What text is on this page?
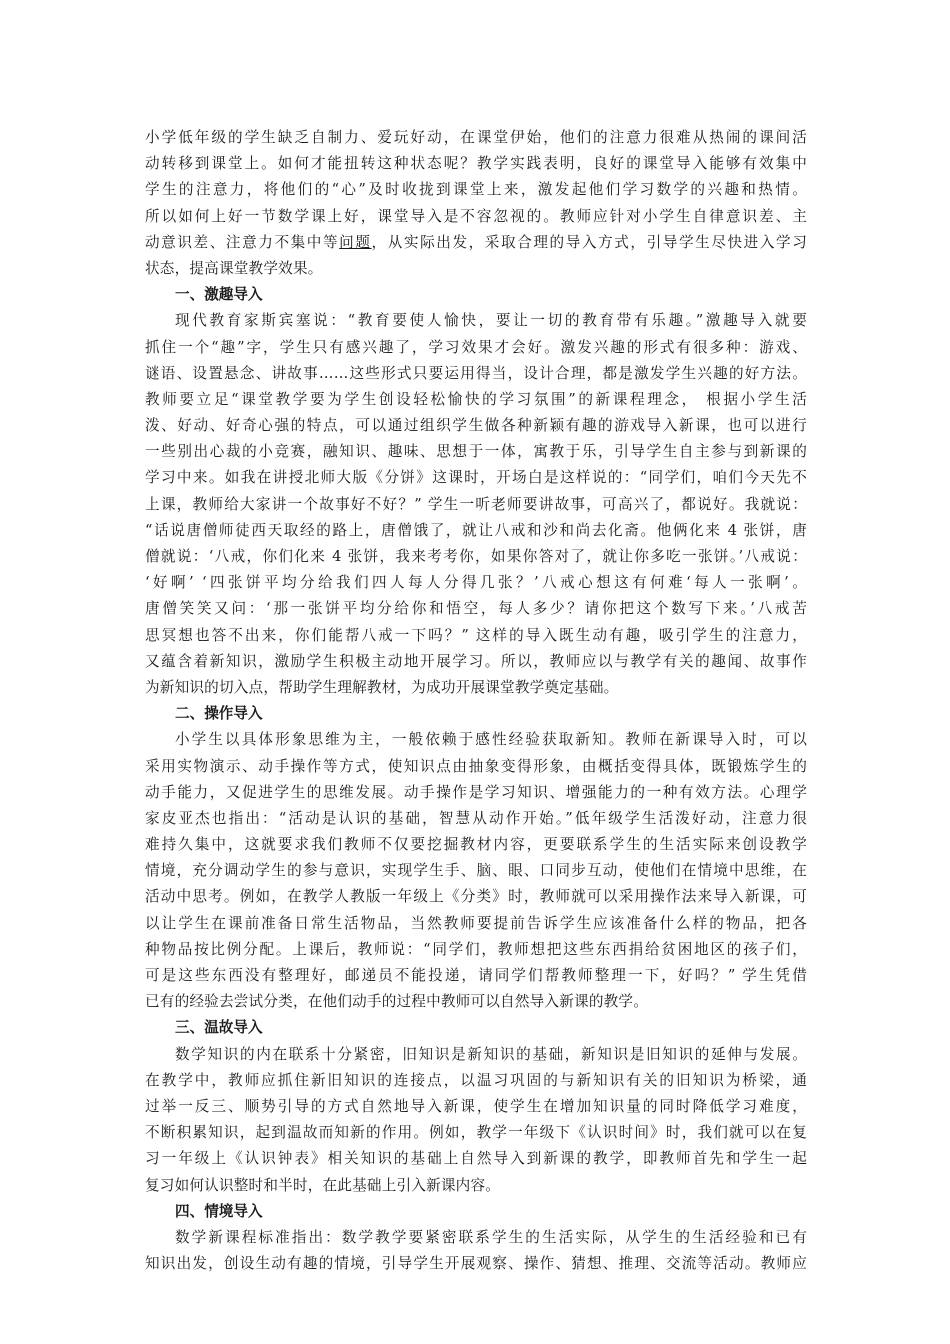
小学低年级的学生缺乏自制力、爱玩好动，在课堂伊始，他们的注意力很难从热闹的课间活
动转移到课堂上。如何才能扭转这种状态呢？教学实践表明，良好的课堂导入能够有效集中
学生的注意力，将他们的“心”及时收拢到课堂上来，激发起他们学习数学的兴趣和热情。
所以如何上好一节数学课上好，课堂导入是不容忽视的。教师应针对小学生自律意识差、主
动意识差、注意力不集中等问题，从实际出发，采取合理的导入方式，引导学生尽快进入学习
状态，提高课堂教学效果。
一、激趣导入
现代教育家斯宾塞说：“教育要使人愉快，要让一切的教育带有乐趣。”激趣导入就要
抓住一个“趣”字，学生只有感兴趣了，学习效果才会好。激发兴趣的形式有很多种：游戏、
谜语、设置悬念、讲故事……这些形式只要运用得当，设计合理，都是激发学生兴趣的好方法。
教师要立足“课堂教学要为学生创设轻松愉快的学习氛围”的新课程理念， 根据小学生活
泼、好动、好奇心强的特点，可以通过组织学生做各种新颖有趣的游戏导入新课，也可以进行
一些别出心裁的小竞赛，融知识、趣味、思想于一体，寓教于乐，引导学生自主参与到新课的
学习中来。如我在讲授北师大版《分饼》这课时，开场白是这样说的：“同学们，咱们今天先不
上课，教师给大家讲一个故事好不好？” 学生一听老师要讲故事，可高兴了，都说好。我就说：
“话说唐僧师徒西天取经的路上，唐僧饿了，就让八戒和沙和尚去化斋。他俩化来 4 张饼，唐
僧就说：‘八戒，你们化来 4 张饼，我来考考你，如果你答对了，就让你多吃一张饼。’八戒说：
‘好啊’ ‘四张饼平均分给我们四人每人分得几张？’八戒心想这有何难‘每人一张啊’。
唐僧笑笑又问：‘那一张饼平均分给你和悟空，每人多少？请你把这个数写下来。’八戒苦
思冥想也答不出来，你们能帮八戒一下吗？” 这样的导入既生动有趣，吸引学生的注意力，
又蕴含着新知识，激励学生积极主动地开展学习。所以，教师应以与教学有关的趣闻、故事作
为新知识的切入点，帮助学生理解教材，为成功开展课堂教学奠定基础。
二、操作导入
小学生以具体形象思维为主，一般依赖于感性经验获取新知。教师在新课导入时，可以
采用实物演示、动手操作等方式，使知识点由抽象变得形象，由概括变得具体，既锻炼学生的
动手能力，又促进学生的思维发展。动手操作是学习知识、增强能力的一种有效方法。心理学
家皮亚杰也指出：“活动是认识的基础，智慧从动作开始。”低年级学生活泼好动，注意力很
难持久集中，这就要求我们教师不仅要挖掘教材内容，更要联系学生的生活实际来创设教学
情境，充分调动学生的参与意识，实现学生手、脑、眼、口同步互动，使他们在情境中思维，在
活动中思考。例如，在教学人教版一年级上《分类》时，教师就可以采用操作法来导入新课，可
以让学生在课前准备日常生活物品，当然教师要提前告诉学生应该准备什么样的物品，把各
种物品按比例分配。上课后，教师说：“同学们，教师想把这些东西捐给贫困地区的孩子们，
可是这些东西没有整理好，邮递员不能投递，请同学们帮教师整理一下，好吗？” 学生凭借
已有的经验去尝试分类，在他们动手的过程中教师可以自然导入新课的教学。
三、温故导入
数学知识的内在联系十分紧密，旧知识是新知识的基础，新知识是旧知识的延伸与发展。
在教学中，教师应抓住新旧知识的连接点，以温习巩固的与新知识有关的旧知识为桥梁，通
过举一反三、顺势引导的方式自然地导入新课，使学生在增加知识量的同时降低学习难度，
不断积累知识，起到温故而知新的作用。例如，教学一年级下《认识时间》时，我们就可以在复
习一年级上《认识钟表》相关知识的基础上自然导入到新课的教学，即教师首先和学生一起
复习如何认识整时和半时，在此基础上引入新课内容。
四、情境导入
数学新课程标准指出：数学教学要紧密联系学生的生活实际，从学生的生活经验和已有
知识出发，创设生动有趣的情境，引导学生开展观察、操作、猜想、推理、交流等活动。教师应
